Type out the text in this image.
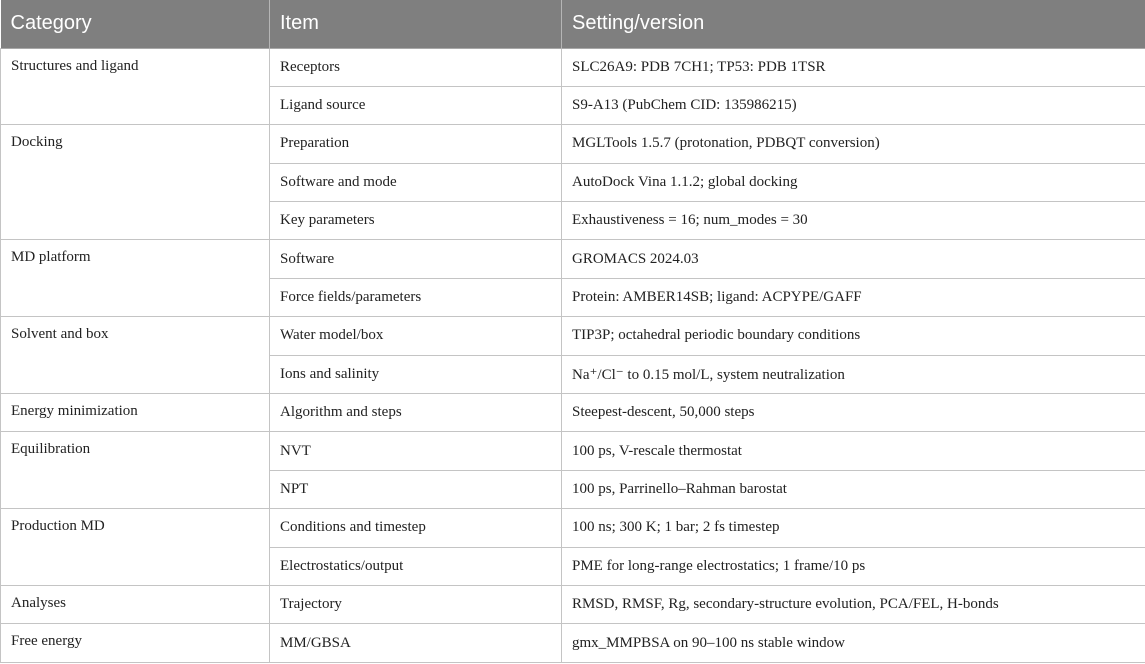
Category	Item	Setting/version
Structures and ligand	Receptors	SLC26A9: PDB 7CH1; TP53: PDB 1TSR
	Ligand source	S9-A13 (PubChem CID: 135986215)
Docking	Preparation	MGLTools 1.5.7 (protonation, PDBQT conversion)
	Software and mode	AutoDock Vina 1.1.2; global docking
	Key parameters	Exhaustiveness = 16; num_modes = 30
MD platform	Software	GROMACS 2024.03
	Force fields/parameters	Protein: AMBER14SB; ligand: ACPYPE/GAFF
Solvent and box	Water model/box	TIP3P; octahedral periodic boundary conditions
	Ions and salinity	Na⁺/Cl⁻ to 0.15 mol/L, system neutralization
Energy minimization	Algorithm and steps	Steepest-descent, 50,000 steps
Equilibration	NVT	100 ps, V-rescale thermostat
	NPT	100 ps, Parrinello–Rahman barostat
Production MD	Conditions and timestep	100 ns; 300 K; 1 bar; 2 fs timestep
	Electrostatics/output	PME for long-range electrostatics; 1 frame/10 ps
Analyses	Trajectory	RMSD, RMSF, Rg, secondary-structure evolution, PCA/FEL, H-bonds
Free energy	MM/GBSA	gmx_MMPBSA on 90–100 ns stable window
